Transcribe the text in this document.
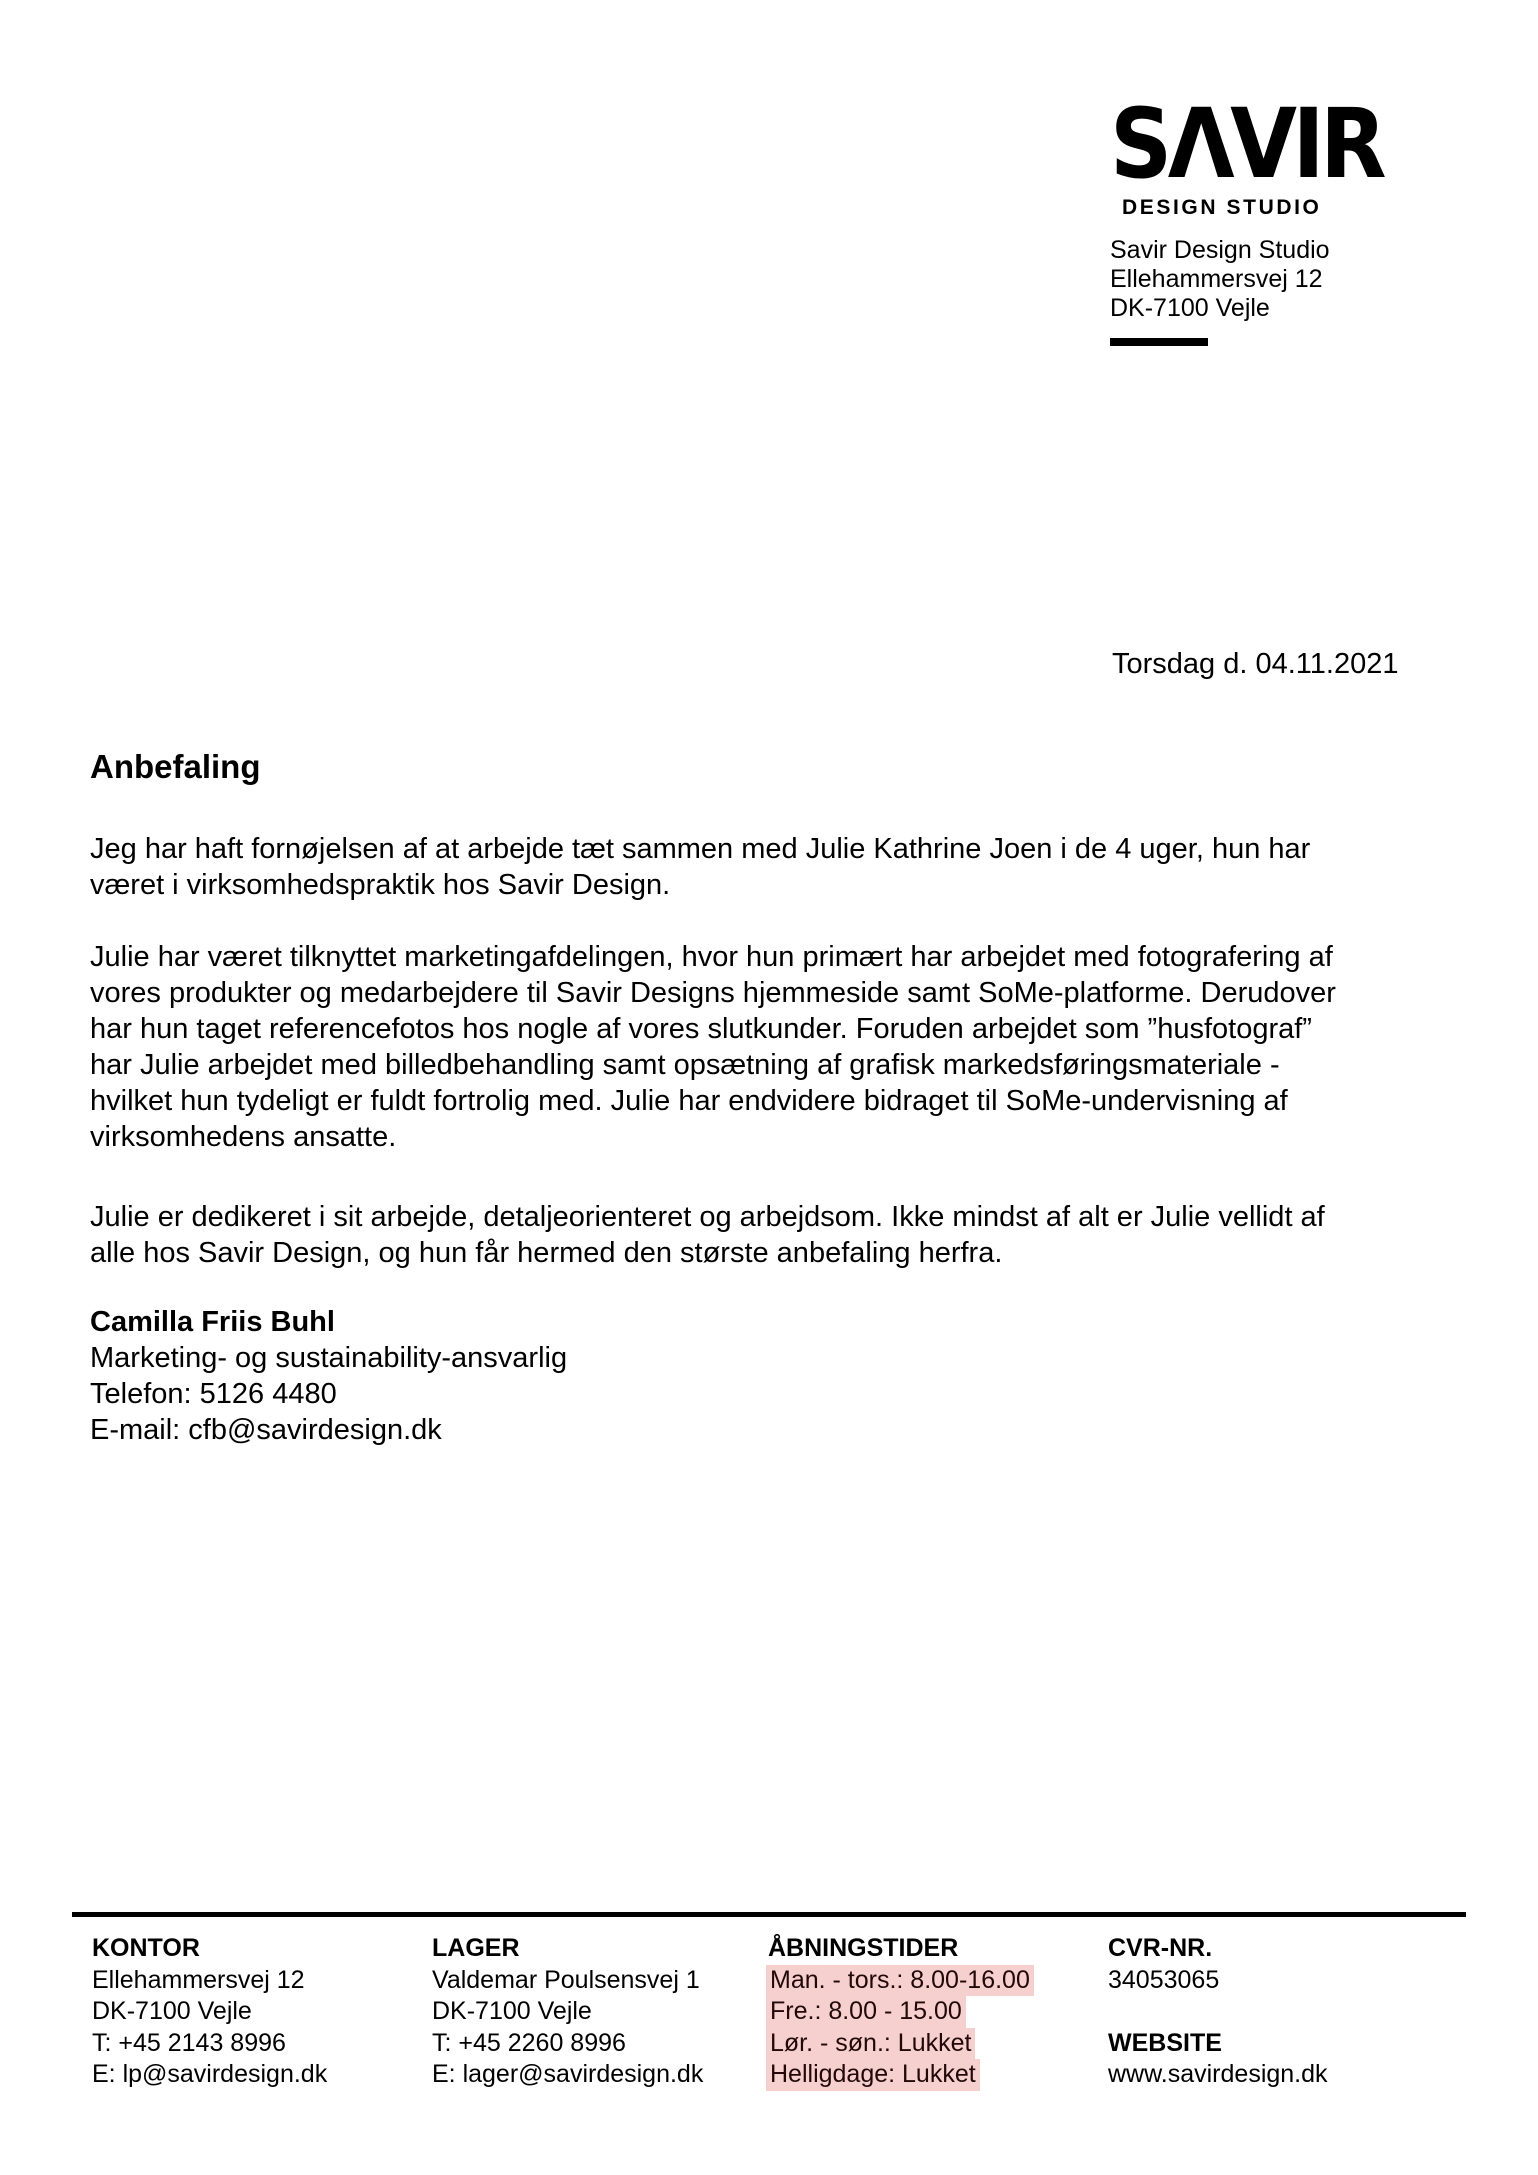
SΛVIR
DESIGN STUDIO
Savir Design Studio
Ellehammersvej 12
DK-7100 Vejle
Torsdag d. 04.11.2021
Anbefaling
Jeg har haft fornøjelsen af at arbejde tæt sammen med Julie Kathrine Joen i de 4 uger, hun har
været i virksomhedspraktik hos Savir Design.
Julie har været tilknyttet marketingafdelingen, hvor hun primært har arbejdet med fotografering af
vores produkter og medarbejdere til Savir Designs hjemmeside samt SoMe-platforme. Derudover
har hun taget referencefotos hos nogle af vores slutkunder. Foruden arbejdet som ”husfotograf”
har Julie arbejdet med billedbehandling samt opsætning af grafisk markedsføringsmateriale -
hvilket hun tydeligt er fuldt fortrolig med. Julie har endvidere bidraget til SoMe-undervisning af
virksomhedens ansatte.
Julie er dedikeret i sit arbejde, detaljeorienteret og arbejdsom. Ikke mindst af alt er Julie vellidt af
alle hos Savir Design, og hun får hermed den største anbefaling herfra.
Camilla Friis Buhl
Marketing- og sustainability-ansvarlig
Telefon: 5126 4480
E-mail: cfb@savirdesign.dk
KONTOR
Ellehammersvej 12
DK-7100 Vejle
T: +45 2143 8996
E: lp@savirdesign.dk
LAGER
Valdemar Poulsensvej 1
DK-7100 Vejle
T: +45 2260 8996
E: lager@savirdesign.dk
ÅBNINGSTIDER
Man. - tors.: 8.00-16.00
Fre.: 8.00 - 15.00
Lør. - søn.: Lukket
Helligdage: Lukket
CVR-NR.
34053065
WEBSITE
www.savirdesign.dk
